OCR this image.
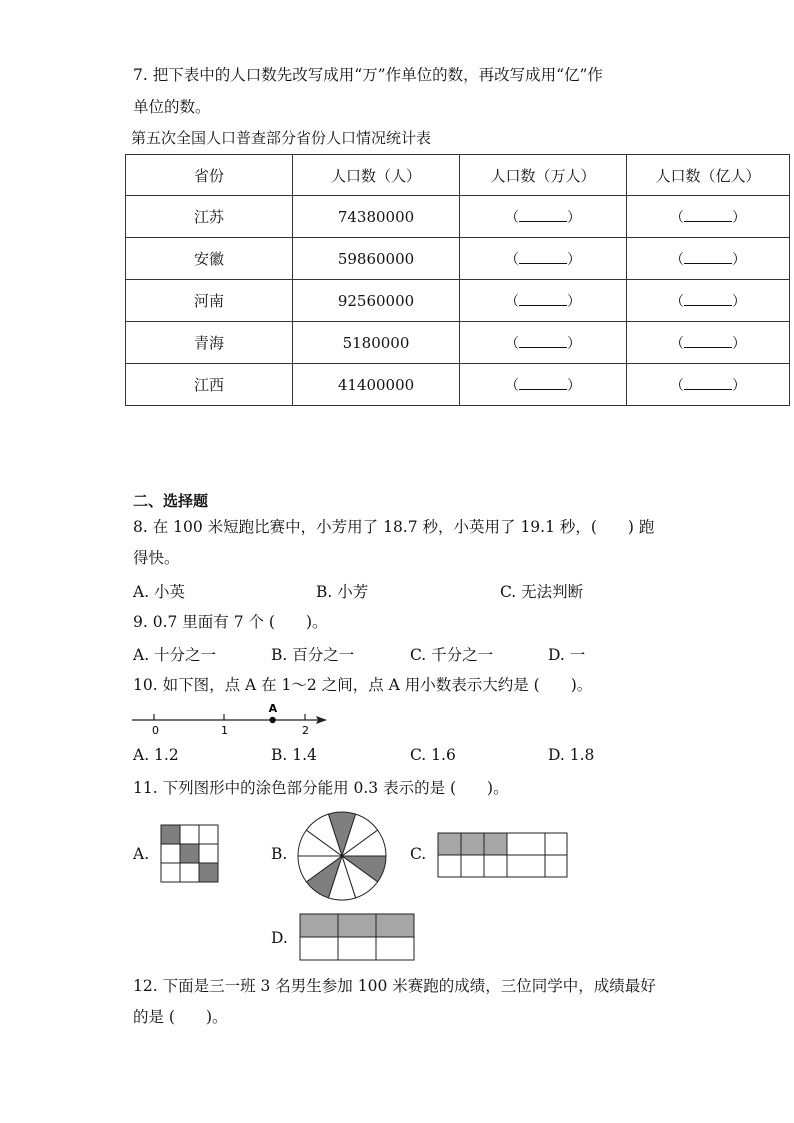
7. 把下表中的人口数先改写成用“万”作单位的数，再改写成用“亿”作
单位的数。
第五次全国人口普查部分省份人口情况统计表
省份	人口数（人）	人口数（万人）	人口数（亿人）
江苏	74380000	（ ）	（ ）
安徽	59860000	（ ）	（ ）
河南	92560000	（ ）	（ ）
青海	5180000	（ ）	（ ）
江西	41400000	（ ）	（ ）
二、选择题
8. 在 100 米短跑比赛中，小芳用了 18.7 秒，小英用了 19.1 秒，(　　) 跑
得快。
A. 小英	B. 小芳	C. 无法判断
9. 0.7 里面有 7 个 (　　)。
A. 十分之一	B. 百分之一	C. 千分之一	D. 一
10. 如下图，点 A 在 1～2 之间，点 A 用小数表示大约是 (　　)。
0	1	2
A
A. 1.2	B. 1.4	C. 1.6	D. 1.8
11. 下列图形中的涂色部分能用 0.3 表示的是 (　　)。
A.	B.	C.
D.
12. 下面是三一班 3 名男生参加 100 米赛跑的成绩，三位同学中，成绩最好
的是 (　　)。
